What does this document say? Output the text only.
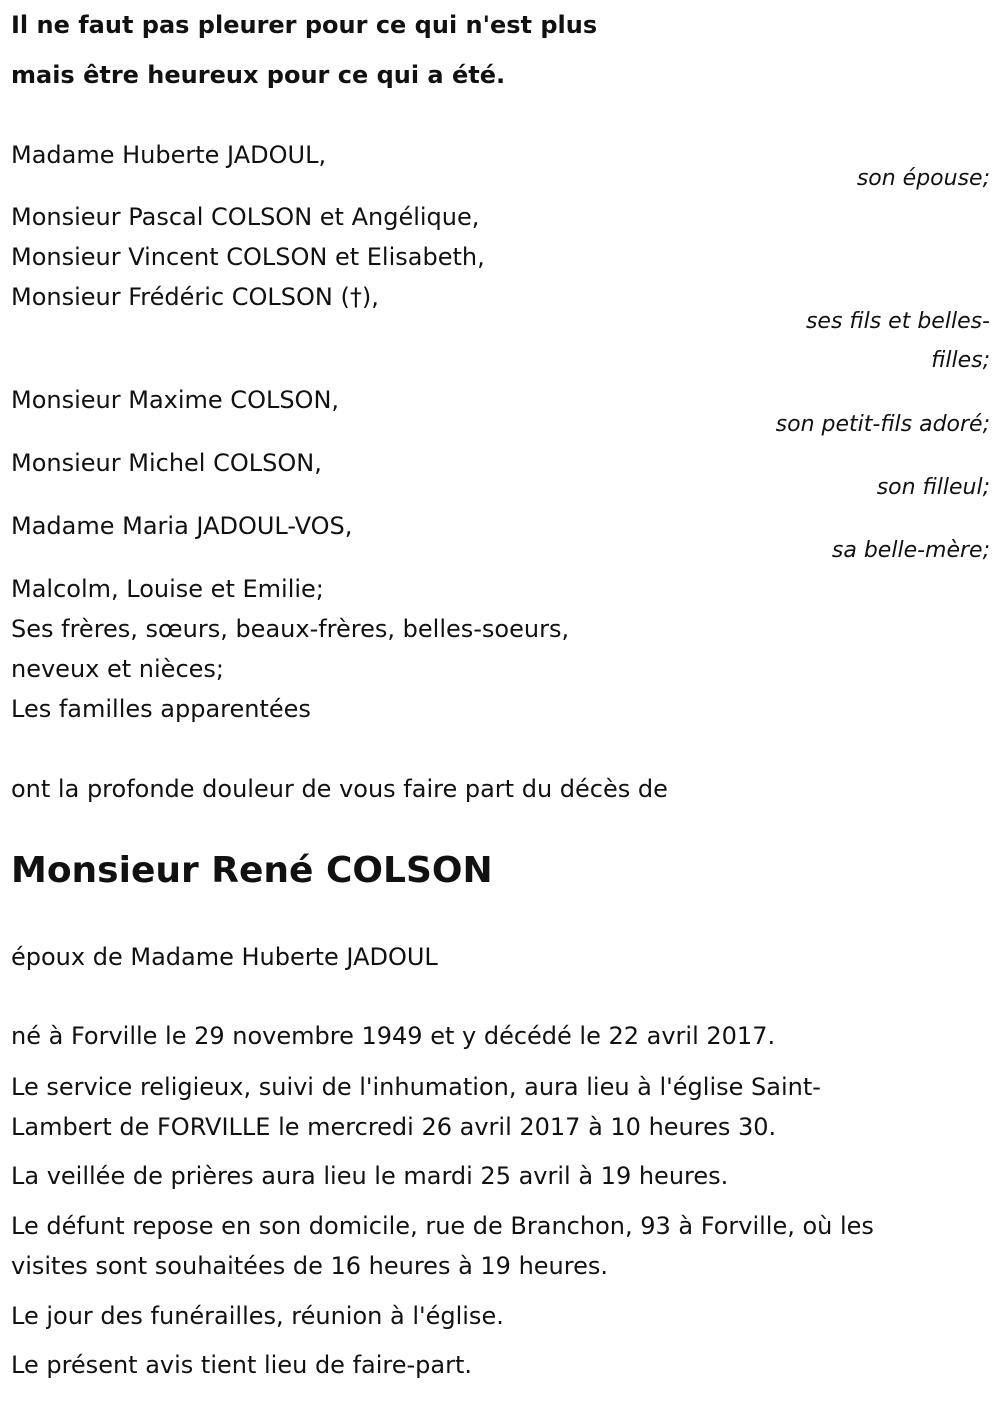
Il ne faut pas pleurer pour ce qui n'est plus

mais être heureux pour ce qui a été.

Madame Huberte JADOUL,

son épouse;

Monsieur Pascal COLSON et Angélique,

Monsieur Vincent COLSON et Elisabeth,

Monsieur Frédéric COLSON (†),

ses fils et belles-

filles;

Monsieur Maxime COLSON,

son petit-fils adoré;

Monsieur Michel COLSON,

son filleul;

Madame Maria JADOUL-VOS,

sa belle-mère;

Malcolm, Louise et Emilie;

Ses frères, sœurs, beaux-frères, belles-soeurs,

neveux et nièces;

Les familles apparentées

ont la profonde douleur de vous faire part du décès de

Monsieur René COLSON

époux de Madame Huberte JADOUL

né à Forville le 29 novembre 1949 et y décédé le 22 avril 2017.

Le service religieux, suivi de l'inhumation, aura lieu à l'église Saint-

Lambert de FORVILLE le mercredi 26 avril 2017 à 10 heures 30.

La veillée de prières aura lieu le mardi 25 avril à 19 heures.

Le défunt repose en son domicile, rue de Branchon, 93 à Forville, où les

visites sont souhaitées de 16 heures à 19 heures.

Le jour des funérailles, réunion à l'église.

Le présent avis tient lieu de faire-part.
